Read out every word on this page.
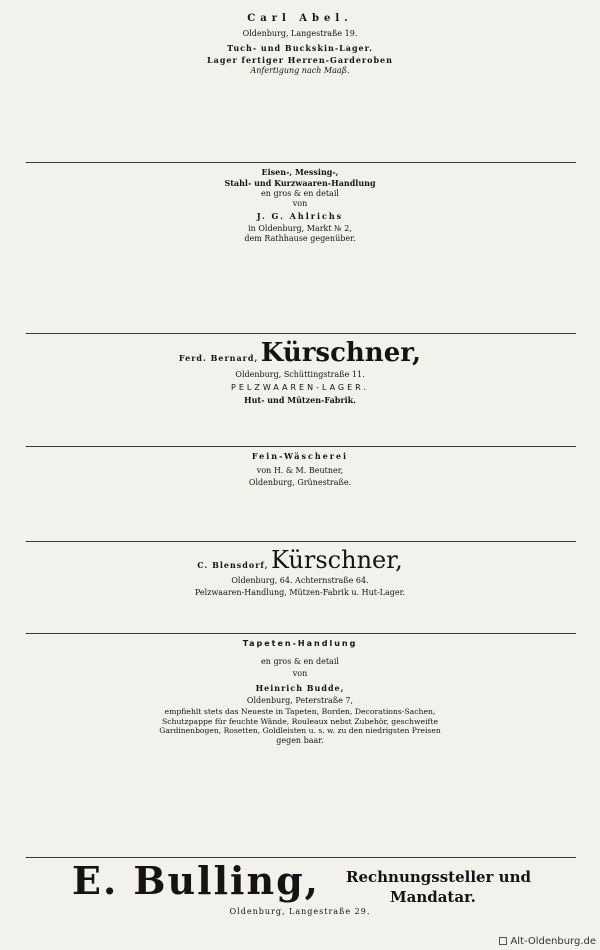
Carl Abel.
Oldenburg, Langestraße 19.
Tuch- und Buckskin-Lager.
Lager fertiger Herren-Garderoben
Anfertigung nach Maaß.
Eisen-, Messing-,
Stahl- und Kurzwaaren-Handlung
en gros & en detail
von
J. G. Ahlrichs
in Oldenburg, Markt № 2,
dem Rathhause gegenüber.
Ferd. Bernard, Kürschner,
Oldenburg, Schüttingstraße 11.
PELZWAAREN-LAGER.
Hut- und Mützen-Fabrik.
Fein-Wäscherei
von H. & M. Beutner,
Oldenburg, Grünestraße.
C. Blensdorf, Kürschner,
Oldenburg, 64. Achternstraße 64.
Pelzwaaren-Handlung, Mützen-Fabrik u. Hut-Lager.
Tapeten-Handlung
en gros & en detail
von
Heinrich Budde,
Oldenburg, Peterstraße 7,
empfiehlt stets das Neueste in Tapeten, Borden, Decorations-Sachen,
Schutzpappe für feuchte Wände, Rouleaux nebst Zubehör, geschweifte
Gardinenbogen, Rosetten, Goldleisten u. s. w. zu den niedrigsten Preisen
gegen baar.
E. Bulling, Rechnungssteller und
Mandatar.
Oldenburg, Langestraße 29.
Alt-Oldenburg.de
